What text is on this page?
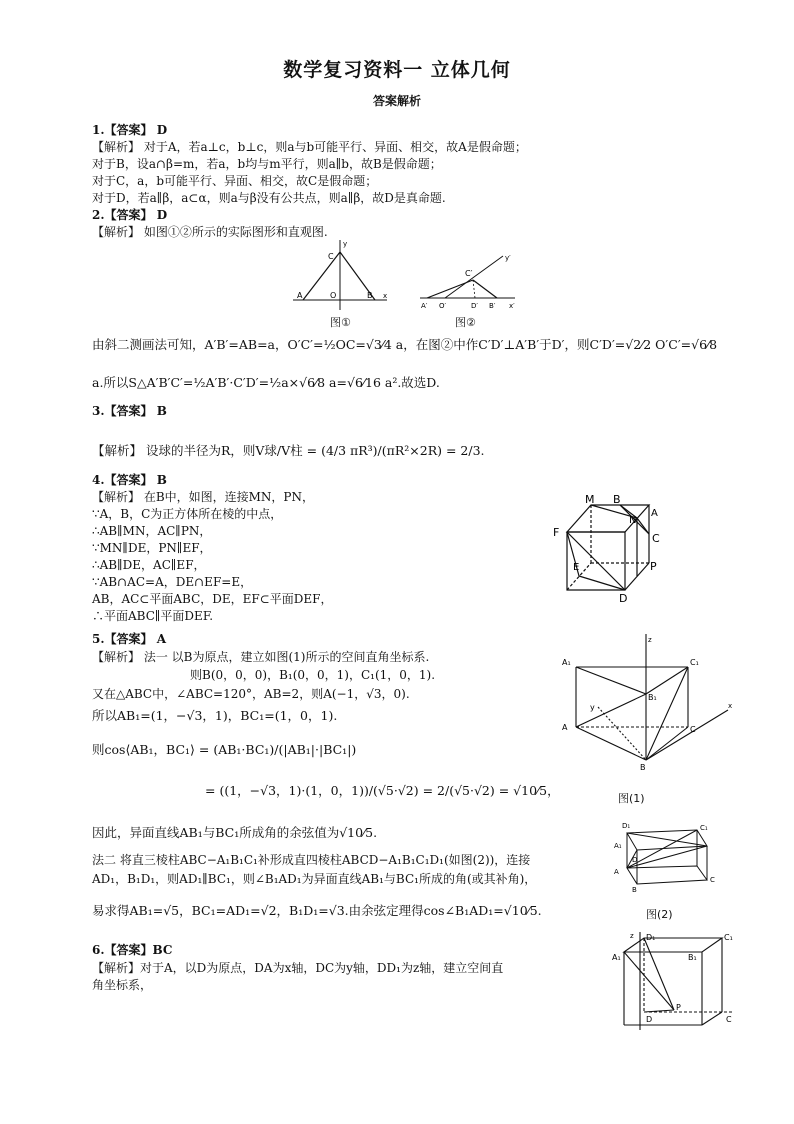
数学复习资料一 立体几何
答案解析
1.【答案】 D
【解析】 对于A，若a⊥c，b⊥c，则a与b可能平行、异面、相交，故A是假命题；
对于B，设a∩β=m，若a，b均与m平行，则a∥b，故B是假命题；
对于C，a，b可能平行、异面、相交，故C是假命题；
对于D，若a∥β，a⊂α，则a与β没有公共点，则a∥β，故D是真命题.
2.【答案】 D
【解析】 如图①②所示的实际图形和直观图.
y
C
A	O	B x
图①
y′
C′
A′ O′	D′ B′ x′
图②
由斜二测画法可知，A′B′=AB=a，O′C′=½OC=√3⁄4 a，在图②中作C′D′⊥A′B′于D′，则C′D′=√2⁄2 O′C′=√6⁄8
a.所以S△A′B′C′=½A′B′·C′D′=½a×√6⁄8 a=√6⁄16 a².故选D.
3.【答案】 B
【解析】 设球的半径为R，则V球/V柱 = (4/3 πR³)/(πR²×2R) = 2/3.
4.【答案】 B
【解析】 在B中，如图，连接MN，PN，
∵A，B，C为正方体所在棱的中点，
∴AB∥MN，AC∥PN，
∵MN∥DE，PN∥EF，
∴AB∥DE，AC∥EF，
∵AB∩AC=A，DE∩EF=E，
AB，AC⊂平面ABC，DE，EF⊂平面DEF，
∴平面ABC∥平面DEF.
M B
N
A
C
F
E	P
D
5.【答案】 A
【解析】 法一 以B为原点，建立如图(1)所示的空间直角坐标系.
则B(0，0，0)，B₁(0，0，1)，C₁(1，0，1).
又在△ABC中，∠ABC=120°，AB=2，则A(−1，√3，0).
所以AB₁=(1，−√3，1)，BC₁=(1，0，1).
则cos⟨AB₁，BC₁⟩ = (AB₁·BC₁)/(|AB₁|·|BC₁|)
= ((1，−√3，1)·(1，0，1))/(√5·√2) = 2/(√5·√2) = √10⁄5，
因此，异面直线AB₁与BC₁所成角的余弦值为√10⁄5.
法二 将直三棱柱ABC−A₁B₁C₁补形成直四棱柱ABCD−A₁B₁C₁D₁(如图(2))，连接
AD₁，B₁D₁，则AD₁∥BC₁，则∠B₁AD₁为异面直线AB₁与BC₁所成的角(或其补角)，
易求得AB₁=√5，BC₁=AD₁=√2，B₁D₁=√3.由余弦定理得cos∠B₁AD₁=√10⁄5.
z
A₁	C₁
B₁
y
A	C
B
x
图(1)
D₁	C₁
A₁
D
A
B
C
图(2)
6.【答案】BC
【解析】对于A，以D为原点，DA为x轴，DC为y轴，DD₁为z轴，建立空间直
角坐标系，
z D₁	C₁
A₁	B₁
P
D	C
